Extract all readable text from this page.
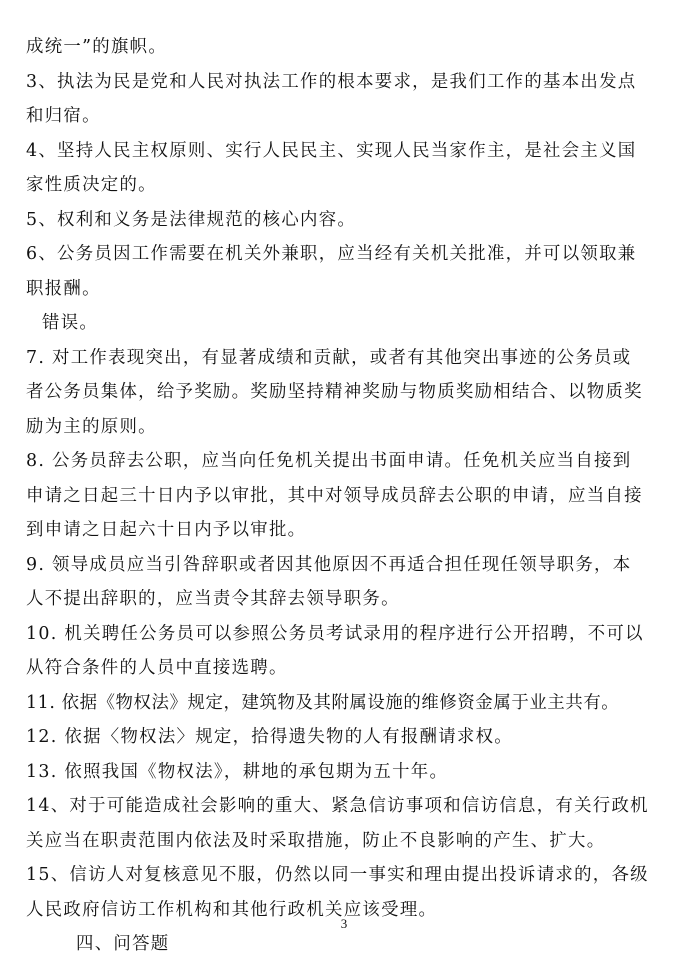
成统一”的旗帜。
3、执法为民是党和人民对执法工作的根本要求，是我们工作的基本出发点
和归宿。
4、坚持人民主权原则、实行人民民主、实现人民当家作主，是社会主义国
家性质决定的。
5、权利和义务是法律规范的核心内容。
6、公务员因工作需要在机关外兼职，应当经有关机关批准，并可以领取兼
职报酬。
错误。
7. 对工作表现突出，有显著成绩和贡献，或者有其他突出事迹的公务员或
者公务员集体，给予奖励。奖励坚持精神奖励与物质奖励相结合、以物质奖
励为主的原则。
8. 公务员辞去公职，应当向任免机关提出书面申请。任免机关应当自接到
申请之日起三十日内予以审批，其中对领导成员辞去公职的申请，应当自接
到申请之日起六十日内予以审批。
9. 领导成员应当引咎辞职或者因其他原因不再适合担任现任领导职务，本
人不提出辞职的，应当责令其辞去领导职务。
10. 机关聘任公务员可以参照公务员考试录用的程序进行公开招聘，不可以
从符合条件的人员中直接选聘。
11. 依据《物权法》规定，建筑物及其附属设施的维修资金属于业主共有。
12. 依据〈物权法〉规定，拾得遗失物的人有报酬请求权。
13. 依照我国《物权法》，耕地的承包期为五十年。
14、对于可能造成社会影响的重大、紧急信访事项和信访信息，有关行政机
关应当在职责范围内依法及时采取措施，防止不良影响的产生、扩大。
15、信访人对复核意见不服，仍然以同一事实和理由提出投诉请求的，各级
人民政府信访工作机构和其他行政机关应该受理。
四、问答题
3
